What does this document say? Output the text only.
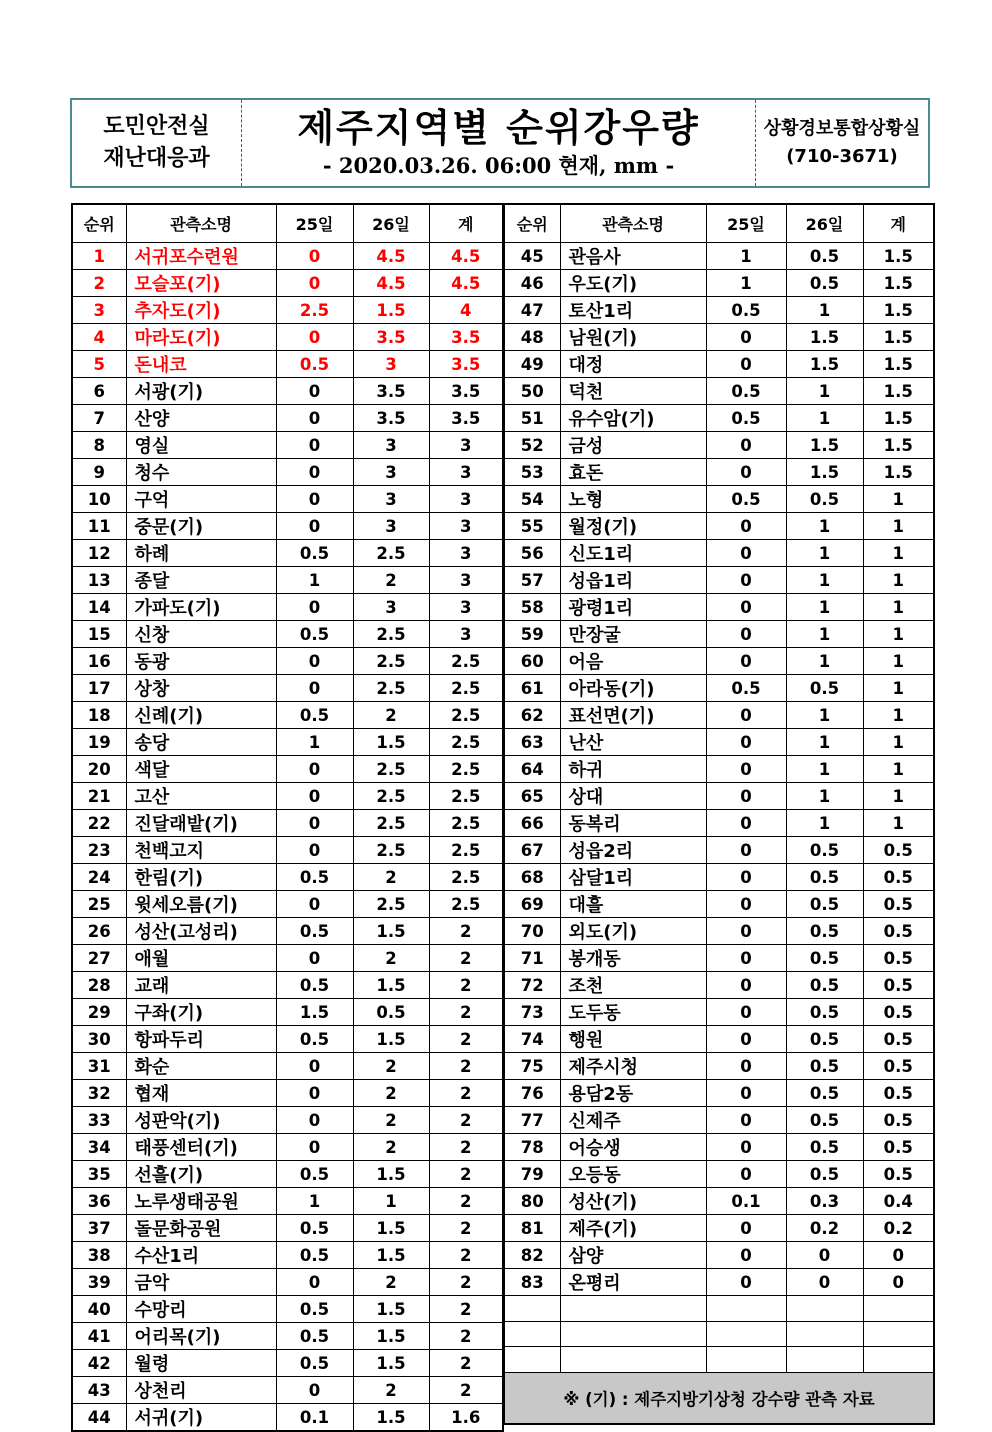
도민안전실
재난대응과
제주지역별 순위강우량
- 2020.03.26. 06:00 현재, mm -
상황경보통합상황실
(710-3671)
순위	관측소명	25일	26일	계
1	서귀포수련원	0	4.5	4.5
2	모슬포(기)	0	4.5	4.5
3	추자도(기)	2.5	1.5	4
4	마라도(기)	0	3.5	3.5
5	돈내코	0.5	3	3.5
6	서광(기)	0	3.5	3.5
7	산양	0	3.5	3.5
8	영실	0	3	3
9	청수	0	3	3
10	구억	0	3	3
11	중문(기)	0	3	3
12	하례	0.5	2.5	3
13	종달	1	2	3
14	가파도(기)	0	3	3
15	신창	0.5	2.5	3
16	동광	0	2.5	2.5
17	상창	0	2.5	2.5
18	신례(기)	0.5	2	2.5
19	송당	1	1.5	2.5
20	색달	0	2.5	2.5
21	고산	0	2.5	2.5
22	진달래밭(기)	0	2.5	2.5
23	천백고지	0	2.5	2.5
24	한림(기)	0.5	2	2.5
25	윗세오름(기)	0	2.5	2.5
26	성산(고성리)	0.5	1.5	2
27	애월	0	2	2
28	교래	0.5	1.5	2
29	구좌(기)	1.5	0.5	2
30	항파두리	0.5	1.5	2
31	화순	0	2	2
32	협재	0	2	2
33	성판악(기)	0	2	2
34	태풍센터(기)	0	2	2
35	선흘(기)	0.5	1.5	2
36	노루생태공원	1	1	2
37	돌문화공원	0.5	1.5	2
38	수산1리	0.5	1.5	2
39	금악	0	2	2
40	수망리	0.5	1.5	2
41	어리목(기)	0.5	1.5	2
42	월령	0.5	1.5	2
43	상천리	0	2	2
44	서귀(기)	0.1	1.5	1.6
순위	관측소명	25일	26일	계
45	관음사	1	0.5	1.5
46	우도(기)	1	0.5	1.5
47	토산1리	0.5	1	1.5
48	남원(기)	0	1.5	1.5
49	대정	0	1.5	1.5
50	덕천	0.5	1	1.5
51	유수암(기)	0.5	1	1.5
52	금성	0	1.5	1.5
53	효돈	0	1.5	1.5
54	노형	0.5	0.5	1
55	월정(기)	0	1	1
56	신도1리	0	1	1
57	성읍1리	0	1	1
58	광령1리	0	1	1
59	만장굴	0	1	1
60	어음	0	1	1
61	아라동(기)	0.5	0.5	1
62	표선면(기)	0	1	1
63	난산	0	1	1
64	하귀	0	1	1
65	상대	0	1	1
66	동복리	0	1	1
67	성읍2리	0	0.5	0.5
68	삼달1리	0	0.5	0.5
69	대흘	0	0.5	0.5
70	외도(기)	0	0.5	0.5
71	봉개동	0	0.5	0.5
72	조천	0	0.5	0.5
73	도두동	0	0.5	0.5
74	행원	0	0.5	0.5
75	제주시청	0	0.5	0.5
76	용담2동	0	0.5	0.5
77	신제주	0	0.5	0.5
78	어승생	0	0.5	0.5
79	오등동	0	0.5	0.5
80	성산(기)	0.1	0.3	0.4
81	제주(기)	0	0.2	0.2
82	삼양	0	0	0
83	온평리	0	0	0

※ (기) : 제주지방기상청 강수량 관측 자료				
